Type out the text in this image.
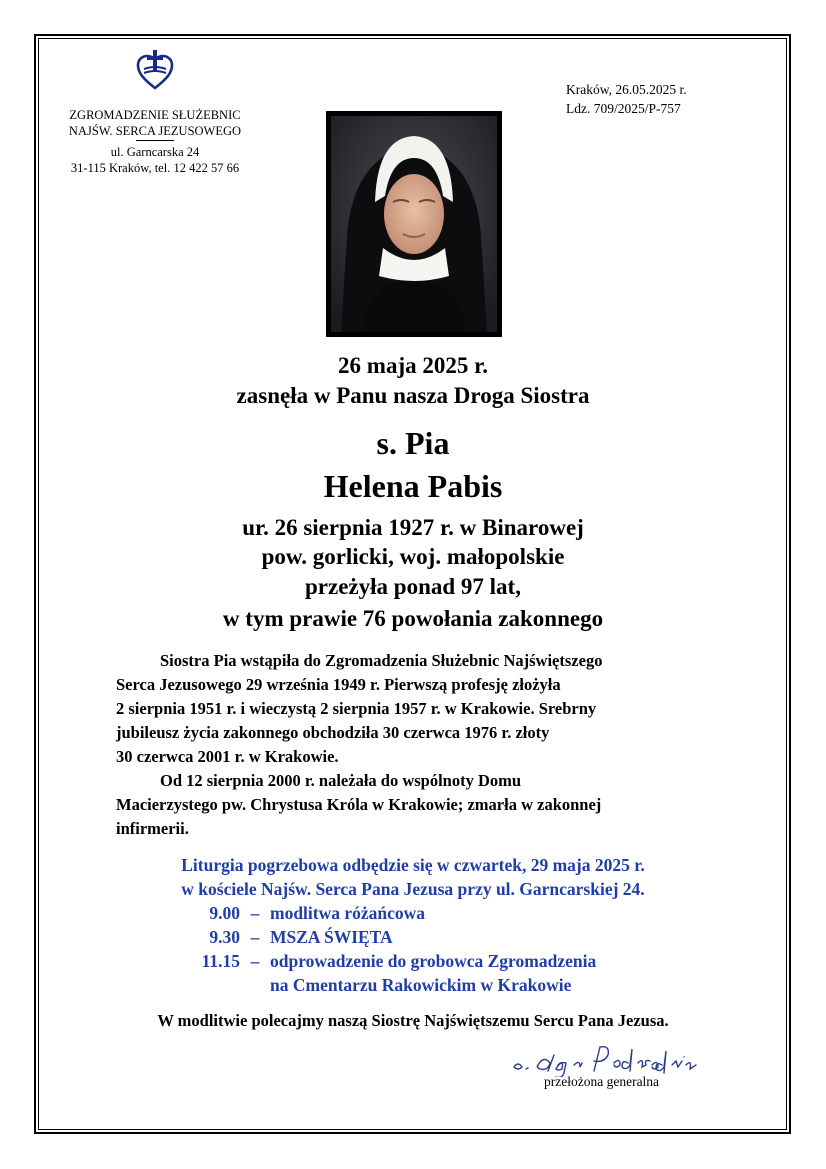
ZGROMADZENIE SŁUŻEBNIC
NAJŚW. SERCA JEZUSOWEGO
ul. Garncarska 24
31-115 Kraków, tel. 12 422 57 66
Kraków, 26.05.2025 r.
Ldz. 709/2025/P-757
26 maja 2025 r.
zasnęła w Panu nasza Droga Siostra
s. Pia
Helena Pabis
ur. 26 sierpnia 1927 r. w Binarowej
pow. gorlicki, woj. małopolskie
przeżyła ponad 97 lat,
w tym prawie 76 powołania zakonnego
Siostra Pia wstąpiła do Zgromadzenia Służebnic Najświętszego
Serca Jezusowego 29 września 1949 r. Pierwszą profesję złożyła
2 sierpnia 1951 r. i wieczystą 2 sierpnia 1957 r. w Krakowie. Srebrny
jubileusz życia zakonnego obchodziła 30 czerwca 1976 r. złoty
30 czerwca 2001 r. w Krakowie.
Od 12 sierpnia 2000 r. należała do wspólnoty Domu
Macierzystego pw. Chrystusa Króla w Krakowie; zmarła w zakonnej
infirmerii.
Liturgia pogrzebowa odbędzie się w czwartek, 29 maja 2025 r.
w kościele Najśw. Serca Pana Jezusa przy ul. Garncarskiej 24.
9.00 – modlitwa różańcowa
9.30 – MSZA ŚWIĘTA
11.15 – odprowadzenie do grobowca Zgromadzenia
na Cmentarzu Rakowickim w Krakowie
W modlitwie polecajmy naszą Siostrę Najświętszemu Sercu Pana Jezusa.
przełożona generalna
